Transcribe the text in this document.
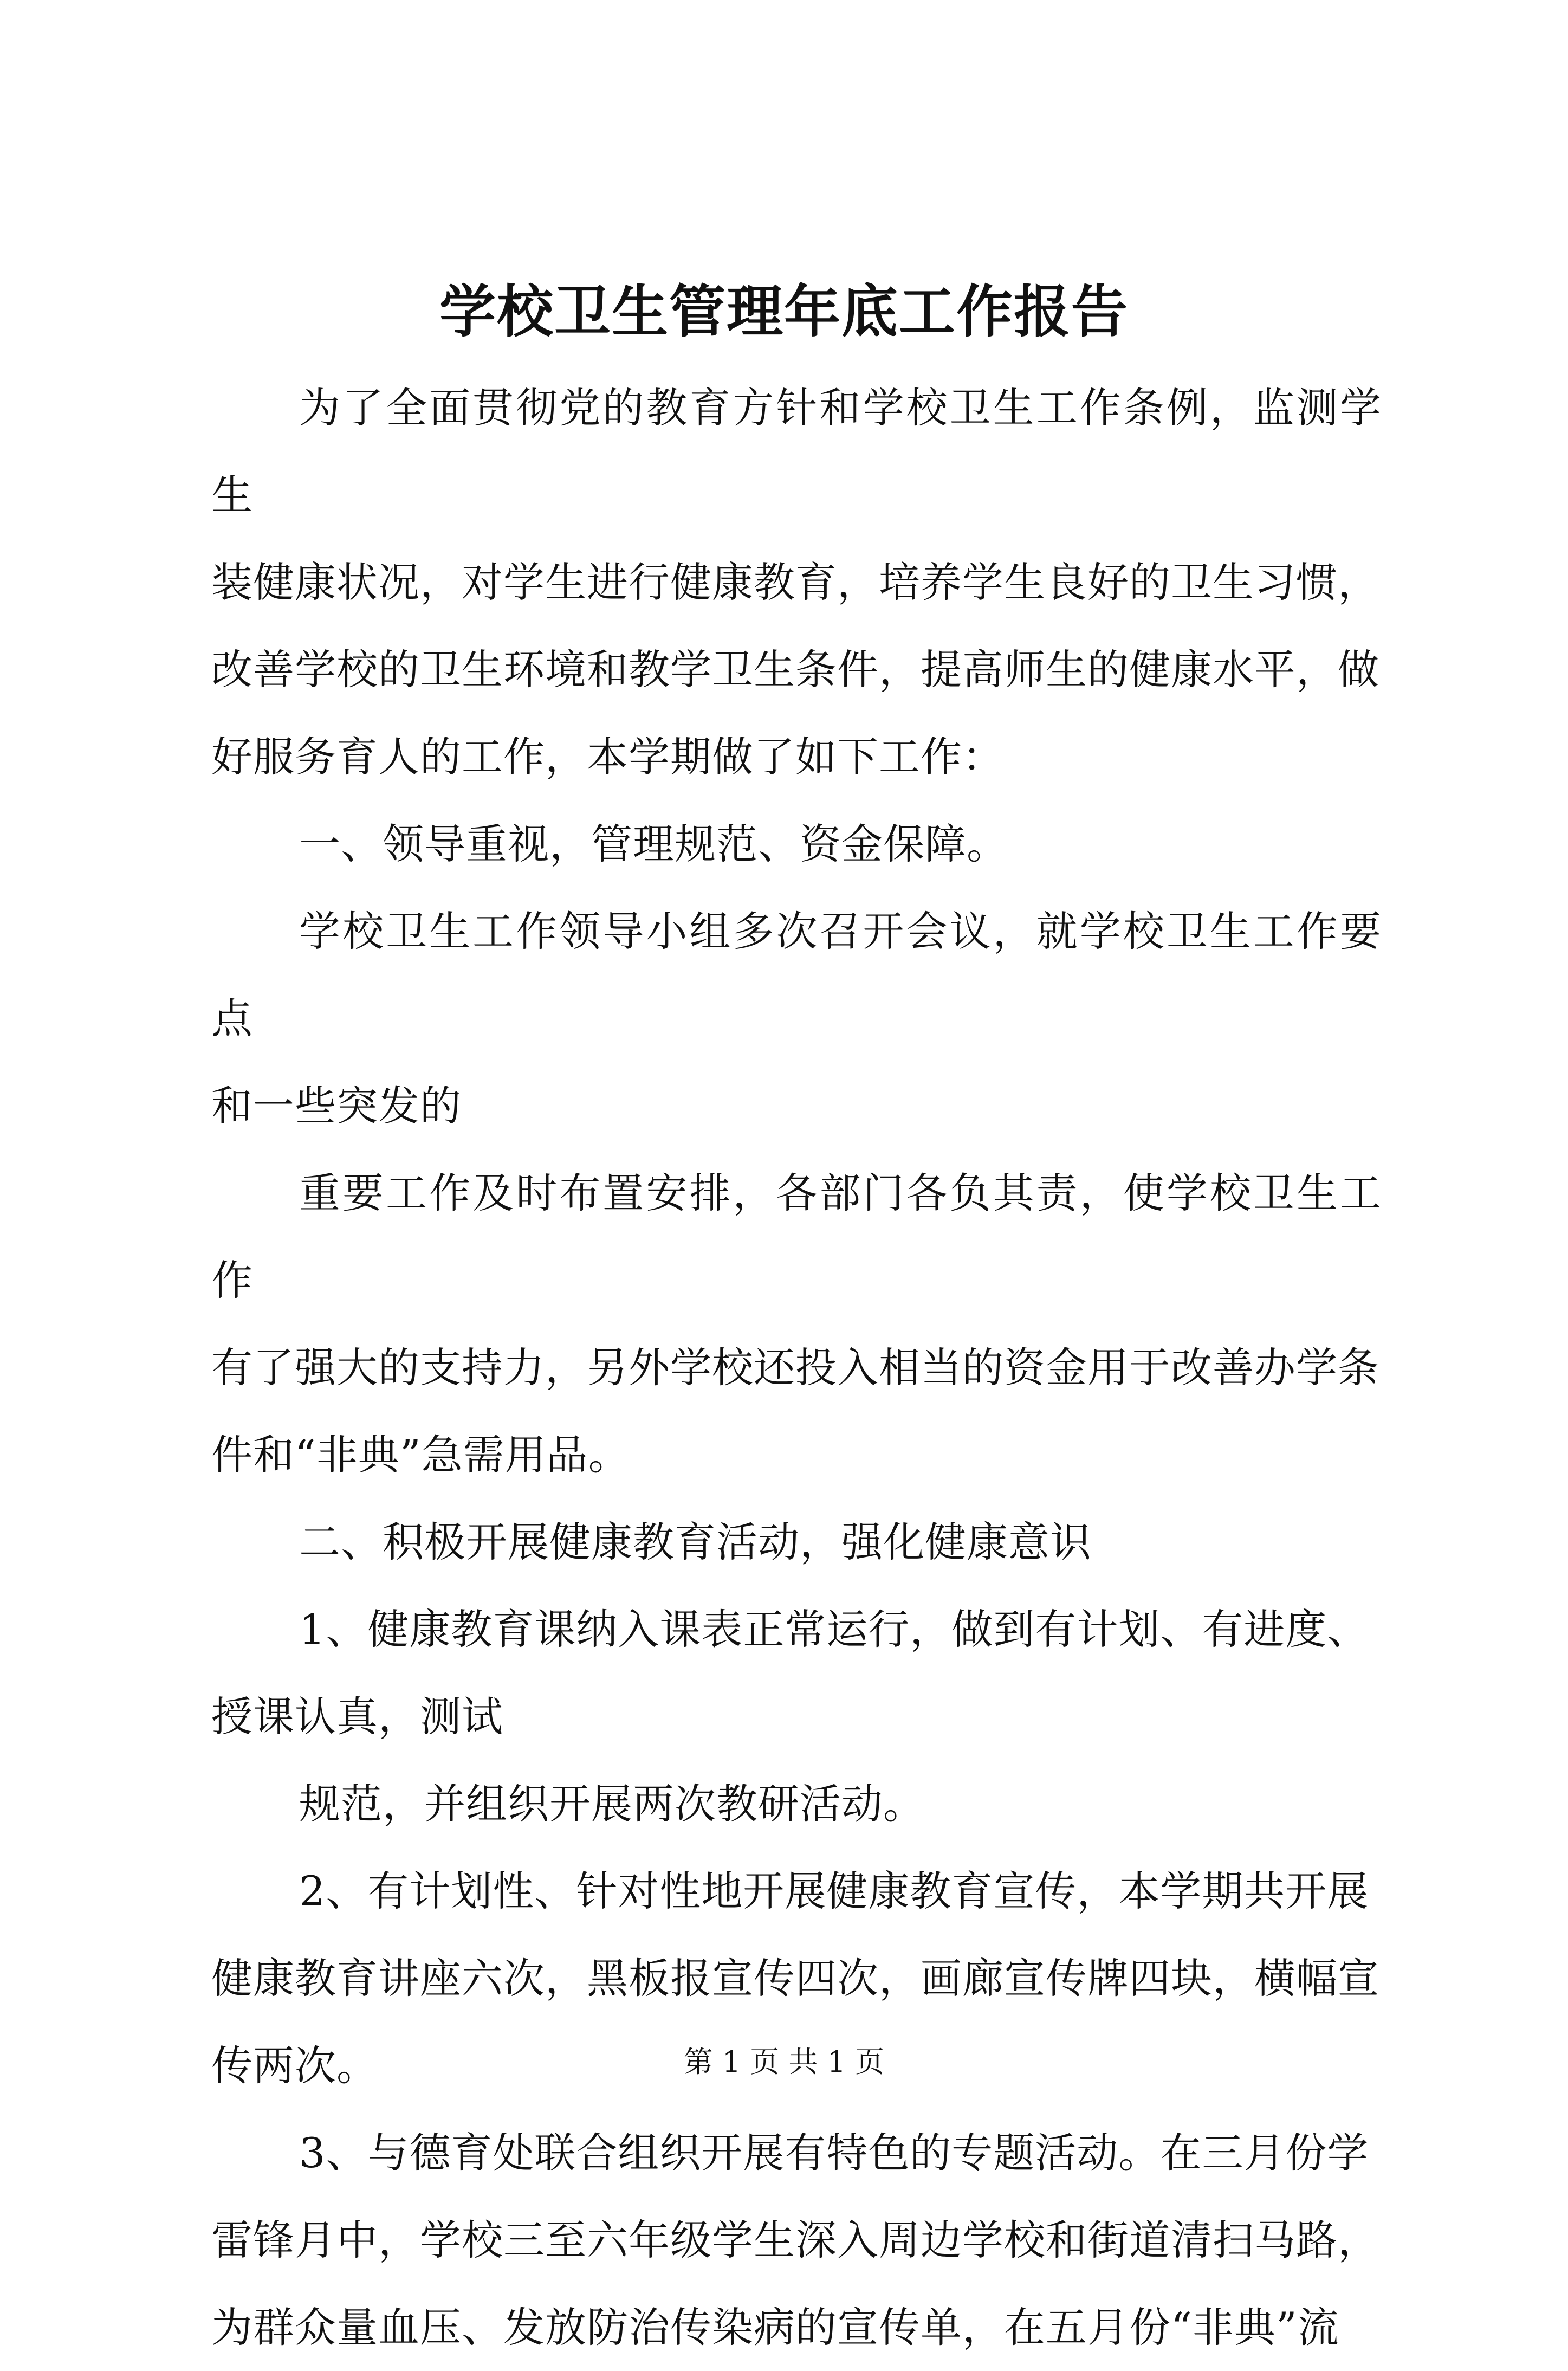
学校卫生管理年底工作报告

为了全面贯彻党的教育方针和学校卫生工作条例，监测学生
装健康状况，对学生进行健康教育，培养学生良好的卫生习惯，
改善学校的卫生环境和教学卫生条件，提高师生的健康水平，做
好服务育人的工作，本学期做了如下工作：

一、领导重视，管理规范、资金保障。

学校卫生工作领导小组多次召开会议，就学校卫生工作要点
和一些突发的

重要工作及时布置安排，各部门各负其责，使学校卫生工作
有了强大的支持力，另外学校还投入相当的资金用于改善办学条
件和“非典”急需用品。

二、积极开展健康教育活动，强化健康意识

1、健康教育课纳入课表正常运行，做到有计划、有进度、
授课认真，测试

规范，并组织开展两次教研活动。

2、有计划性、针对性地开展健康教育宣传，本学期共开展
健康教育讲座六次，黑板报宣传四次，画廊宣传牌四块，横幅宣
传两次。

3、与德育处联合组织开展有特色的专题活动。在三月份学
雷锋月中，学校三至六年级学生深入周边学校和街道清扫马路，
为群众量血压、发放防治传染病的宣传单，在五月份“非典”流

第 1 页 共 1 页
